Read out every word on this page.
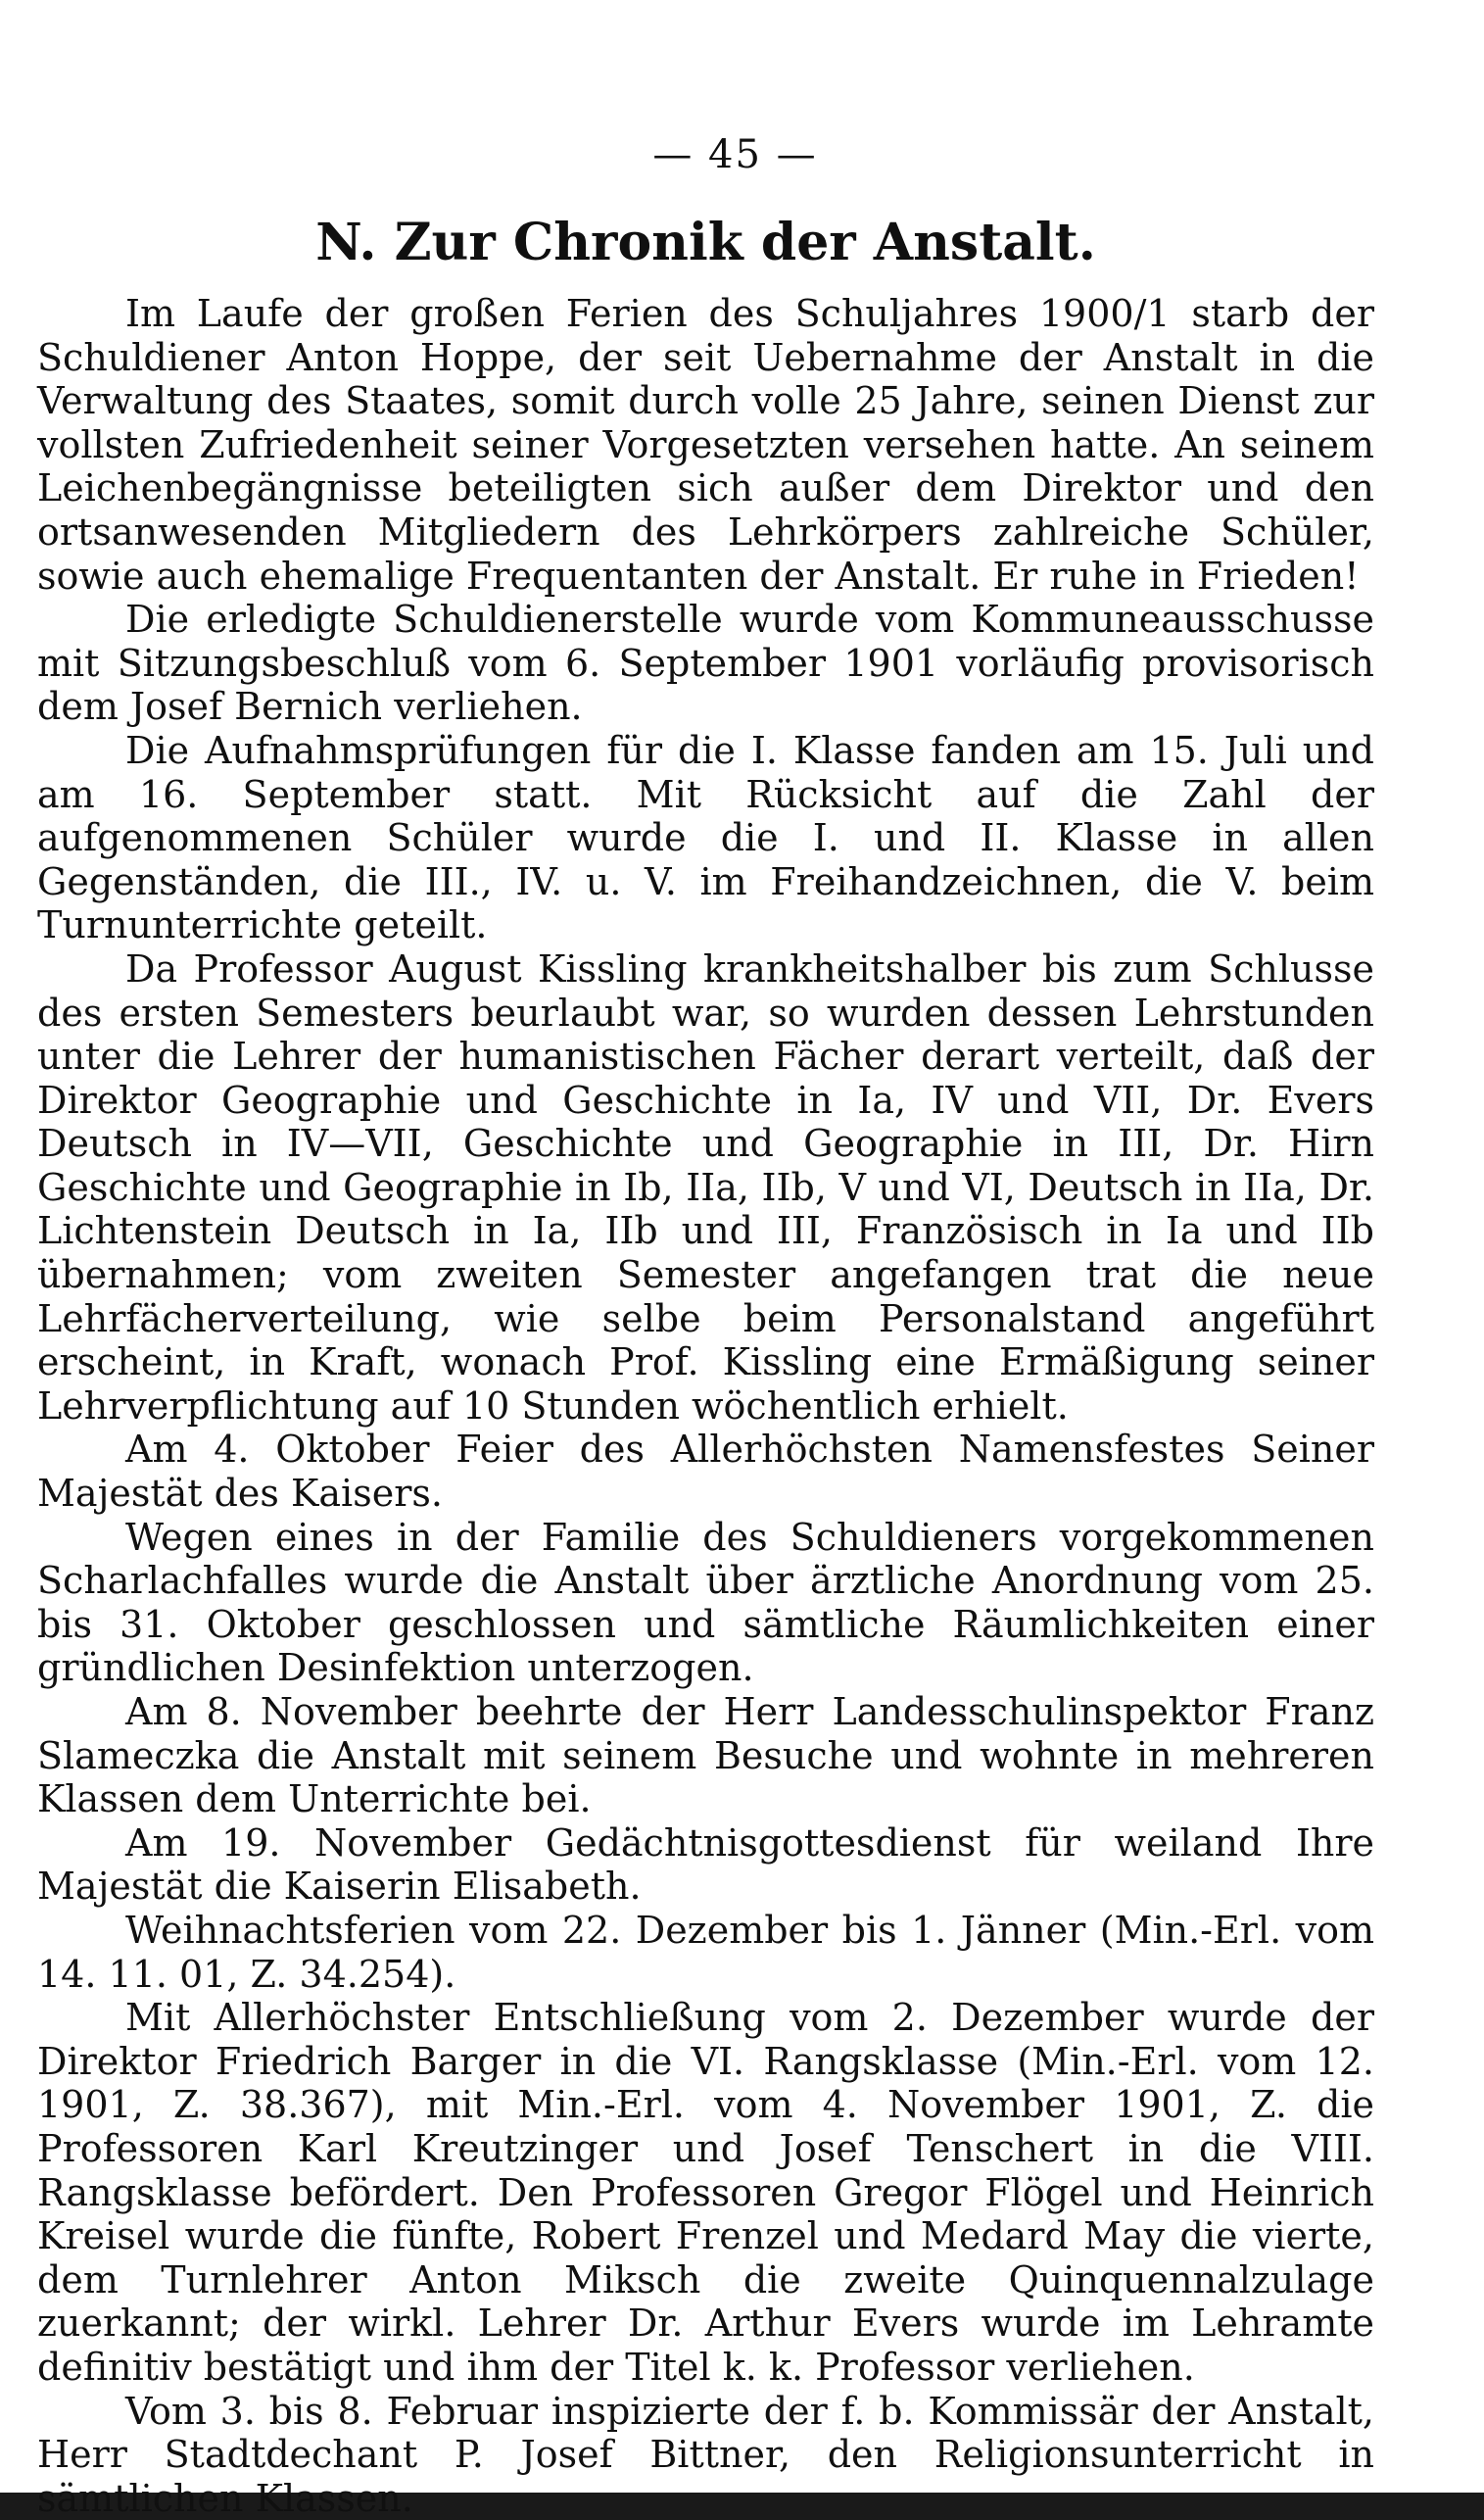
— 45 —
N. Zur Chronik der Anstalt.

Im Laufe der großen Ferien des Schuljahres 1900/1 starb der Schuldiener Anton Hoppe, der seit Uebernahme der Anstalt in die Verwaltung des Staates, somit durch volle 25 Jahre, seinen Dienst zur vollsten Zufriedenheit seiner Vorgesetzten versehen hatte. An seinem Leichenbegängnisse beteiligten sich außer dem Direktor und den ortsanwesenden Mitgliedern des Lehrkörpers zahlreiche Schüler, sowie auch ehemalige Frequentanten der Anstalt. Er ruhe in Frieden!

Die erledigte Schuldienerstelle wurde vom Kommuneausschusse mit Sitzungsbeschluß vom 6. September 1901 vorläufig provisorisch dem Josef Bernich verliehen.

Die Aufnahmsprüfungen für die I. Klasse fanden am 15. Juli und am 16. September statt. Mit Rücksicht auf die Zahl der aufgenommenen Schüler wurde die I. und II. Klasse in allen Gegenständen, die III., IV. u. V. im Freihandzeichnen, die V. beim Turnunterrichte geteilt.

Da Professor August Kissling krankheitshalber bis zum Schlusse des ersten Semesters beurlaubt war, so wurden dessen Lehrstunden unter die Lehrer der humanistischen Fächer derart verteilt, daß der Direktor Geographie und Geschichte in Ia, IV und VII, Dr. Evers Deutsch in IV—VII, Geschichte und Geographie in III, Dr. Hirn Geschichte und Geographie in Ib, IIa, IIb, V und VI, Deutsch in IIa, Dr. Lichtenstein Deutsch in Ia, IIb und III, Französisch in Ia und IIb übernahmen; vom zweiten Semester angefangen trat die neue Lehrfächerverteilung, wie selbe beim Personalstand angeführt erscheint, in Kraft, wonach Prof. Kissling eine Ermäßigung seiner Lehrverpflichtung auf 10 Stunden wöchentlich erhielt.

Am 4. Oktober Feier des Allerhöchsten Namensfestes Seiner Majestät des Kaisers.

Wegen eines in der Familie des Schuldieners vorgekommenen Scharlachfalles wurde die Anstalt über ärztliche Anordnung vom 25. bis 31. Oktober geschlossen und sämtliche Räumlichkeiten einer gründlichen Desinfektion unterzogen.

Am 8. November beehrte der Herr Landesschulinspektor Franz Slameczka die Anstalt mit seinem Besuche und wohnte in mehreren Klassen dem Unterrichte bei.

Am 19. November Gedächtnisgottesdienst für weiland Ihre Majestät die Kaiserin Elisabeth.

Weihnachtsferien vom 22. Dezember bis 1. Jänner (Min.-Erl. vom 14. 11. 01, Z. 34.254).

Mit Allerhöchster Entschließung vom 2. Dezember wurde der Direktor Friedrich Barger in die VI. Rangsklasse (Min.-Erl. vom 12. 1901, Z. 38.367), mit Min.-Erl. vom 4. November 1901, Z. die Professoren Karl Kreutzinger und Josef Tenschert in die VIII. Rangsklasse befördert. Den Professoren Gregor Flögel und Heinrich Kreisel wurde die fünfte, Robert Frenzel und Medard May die vierte, dem Turnlehrer Anton Miksch die zweite Quinquennalzulage zuerkannt; der wirkl. Lehrer Dr. Arthur Evers wurde im Lehramte definitiv bestätigt und ihm der Titel k. k. Professor verliehen.

Vom 3. bis 8. Februar inspizierte der f. b. Kommissär der Anstalt, Herr Stadtdechant P. Josef Bittner, den Religionsunterricht in sämtlichen Klassen.
